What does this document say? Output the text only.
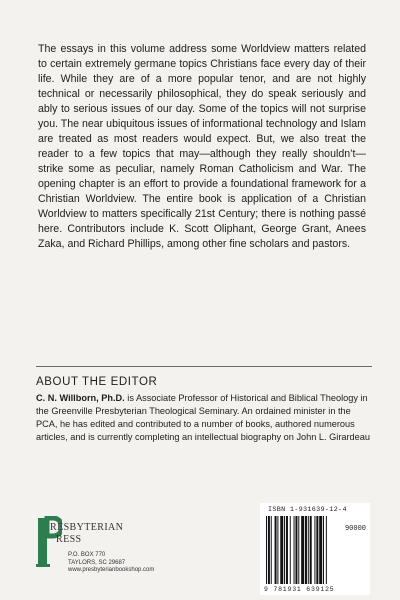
The essays in this volume address some Worldview matters related to certain extremely germane topics Christians face every day of their life. While they are of a more popular tenor, and are not highly technical or necessarily philosophical, they do speak seriously and ably to serious issues of our day. Some of the topics will not surprise you. The near ubiquitous issues of informational technology and Islam are treated as most readers would expect. But, we also treat the reader to a few topics that may—although they really shouldn’t—strike some as peculiar, namely Roman Catholicism and War. The opening chapter is an effort to provide a foundational framework for a Christian Worldview. The entire book is application of a Christian Worldview to matters specifically 21st Century; there is nothing passé here. Contributors include K. Scott Oliphant, George Grant, Anees Zaka, and Richard Phillips, among other fine scholars and pastors.

ABOUT THE EDITOR

C. N. Willborn, Ph.D. is Associate Professor of Historical and Biblical Theology in the Greenville Presbyterian Theological Seminary. An ordained minister in the PCA, he has edited and contributed to a number of books, authored numerous articles, and is currently completing an intellectual biography on John L. Girardeau

RESBYTERIAN
RESS
P.O. BOX 770
TAYLORS, SC 29687
www.presbyterianbookshop.com
ISBN 1-931639-12-4
90000
9 781931 639125
